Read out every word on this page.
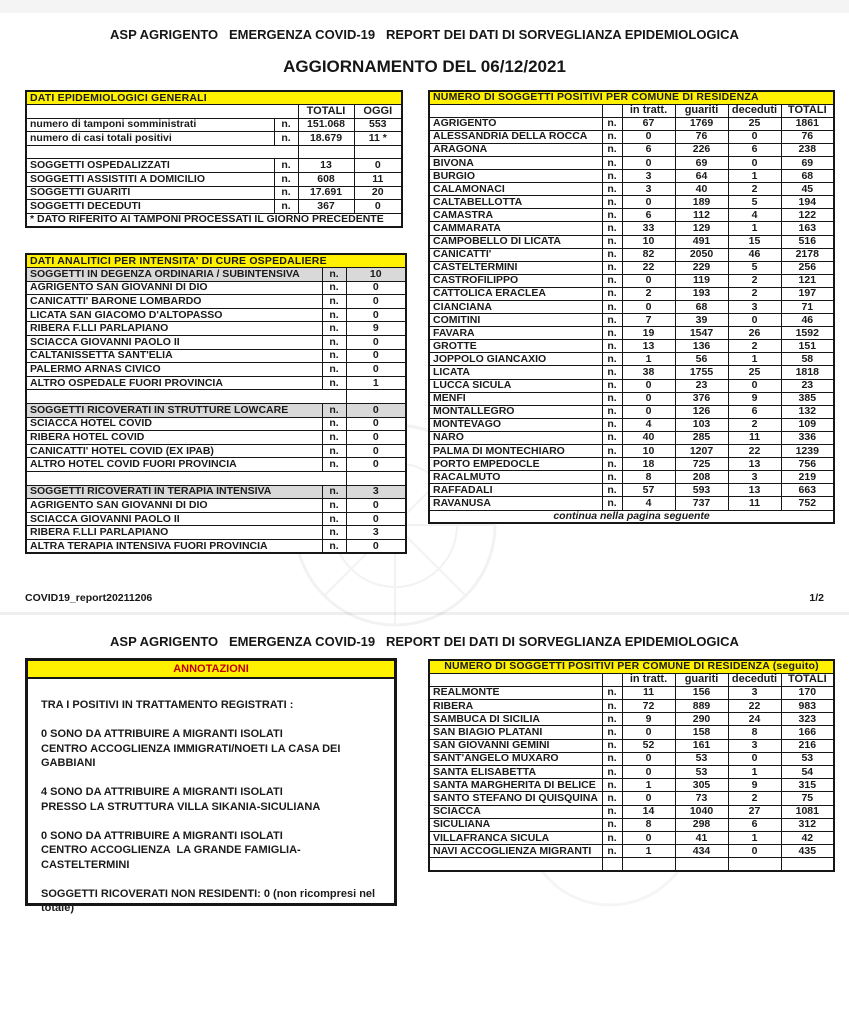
ASP AGRIGENTO   EMERGENZA COVID-19   REPORT DEI DATI DI SORVEGLIANZA EPIDEMIOLOGICA
AGGIORNAMENTO DEL 06/12/2021
DATI EPIDEMIOLOGICI GENERALI			
		TOTALI	OGGI
numero di tamponi somministrati	n.	151.068	553
numero di casi totali positivi	n.	18.679	11 *

SOGGETTI OSPEDALIZZATI	n.	13	0
SOGGETTI ASSISTITI A DOMICILIO	n.	608	11
SOGGETTI GUARITI	n.	17.691	20
SOGGETTI DECEDUTI	n.	367	0
* DATO RIFERITO AI TAMPONI PROCESSATI IL GIORNO PRECEDENTE			
DATI ANALITICI PER INTENSITA' DI CURE OSPEDALIERE		
SOGGETTI IN DEGENZA ORDINARIA / SUBINTENSIVA	n.	10
AGRIGENTO SAN GIOVANNI DI DIO	n.	0
CANICATTI' BARONE LOMBARDO	n.	0
LICATA SAN GIACOMO D'ALTOPASSO	n.	0
RIBERA F.LLI PARLAPIANO	n.	9
SCIACCA GIOVANNI PAOLO II	n.	0
CALTANISSETTA SANT'ELIA	n.	0
PALERMO ARNAS CIVICO	n.	0
ALTRO OSPEDALE FUORI PROVINCIA	n.	1

SOGGETTI RICOVERATI IN STRUTTURE LOWCARE	n.	0
SCIACCA HOTEL COVID	n.	0
RIBERA HOTEL COVID	n.	0
CANICATTI' HOTEL COVID (EX IPAB)	n.	0
ALTRO HOTEL COVID FUORI PROVINCIA	n.	0

SOGGETTI RICOVERATI IN TERAPIA INTENSIVA	n.	3
AGRIGENTO SAN GIOVANNI DI DIO	n.	0
SCIACCA GIOVANNI PAOLO II	n.	0
RIBERA F.LLI PARLAPIANO	n.	3
ALTRA TERAPIA INTENSIVA FUORI PROVINCIA	n.	0
NUMERO DI SOGGETTI POSITIVI PER COMUNE DI RESIDENZA					
		in tratt.	guariti	deceduti	TOTALI
AGRIGENTO	n.	67	1769	25	1861
ALESSANDRIA DELLA ROCCA	n.	0	76	0	76
ARAGONA	n.	6	226	6	238
BIVONA	n.	0	69	0	69
BURGIO	n.	3	64	1	68
CALAMONACI	n.	3	40	2	45
CALTABELLOTTA	n.	0	189	5	194
CAMASTRA	n.	6	112	4	122
CAMMARATA	n.	33	129	1	163
CAMPOBELLO DI LICATA	n.	10	491	15	516
CANICATTI'	n.	82	2050	46	2178
CASTELTERMINI	n.	22	229	5	256
CASTROFILIPPO	n.	0	119	2	121
CATTOLICA ERACLEA	n.	2	193	2	197
CIANCIANA	n.	0	68	3	71
COMITINI	n.	7	39	0	46
FAVARA	n.	19	1547	26	1592
GROTTE	n.	13	136	2	151
JOPPOLO GIANCAXIO	n.	1	56	1	58
LICATA	n.	38	1755	25	1818
LUCCA SICULA	n.	0	23	0	23
MENFI	n.	0	376	9	385
MONTALLEGRO	n.	0	126	6	132
MONTEVAGO	n.	4	103	2	109
NARO	n.	40	285	11	336
PALMA DI MONTECHIARO	n.	10	1207	22	1239
PORTO EMPEDOCLE	n.	18	725	13	756
RACALMUTO	n.	8	208	3	219
RAFFADALI	n.	57	593	13	663
RAVANUSA	n.	4	737	11	752
continua nella pagina seguente					
COVID19_report20211206	1/2
ASP AGRIGENTO   EMERGENZA COVID-19   REPORT DEI DATI DI SORVEGLIANZA EPIDEMIOLOGICA
ANNOTAZIONI
TRA I POSITIVI IN TRATTAMENTO REGISTRATI :
0 SONO DA ATTRIBUIRE A MIGRANTI ISOLATI
CENTRO ACCOGLIENZA IMMIGRATI/NOETI LA CASA DEI GABBIANI
4 SONO DA ATTRIBUIRE A MIGRANTI ISOLATI
PRESSO LA STRUTTURA VILLA SIKANIA-SICULIANA
0 SONO DA ATTRIBUIRE A MIGRANTI ISOLATI
CENTRO ACCOGLIENZA  LA GRANDE FAMIGLIA-CASTELTERMINI
SOGGETTI RICOVERATI NON RESIDENTI: 0 (non ricompresi nel totale)
NUMERO DI SOGGETTI POSITIVI PER COMUNE DI RESIDENZA (seguito)					
		in tratt.	guariti	deceduti	TOTALI
REALMONTE	n.	11	156	3	170
RIBERA	n.	72	889	22	983
SAMBUCA DI SICILIA	n.	9	290	24	323
SAN BIAGIO PLATANI	n.	0	158	8	166
SAN GIOVANNI GEMINI	n.	52	161	3	216
SANT'ANGELO MUXARO	n.	0	53	0	53
SANTA ELISABETTA	n.	0	53	1	54
SANTA MARGHERITA DI BELICE	n.	1	305	9	315
SANTO STEFANO DI QUISQUINA	n.	0	73	2	75
SCIACCA	n.	14	1040	27	1081
SICULIANA	n.	8	298	6	312
VILLAFRANCA SICULA	n.	0	41	1	42
NAVI ACCOGLIENZA MIGRANTI	n.	1	434	0	435
